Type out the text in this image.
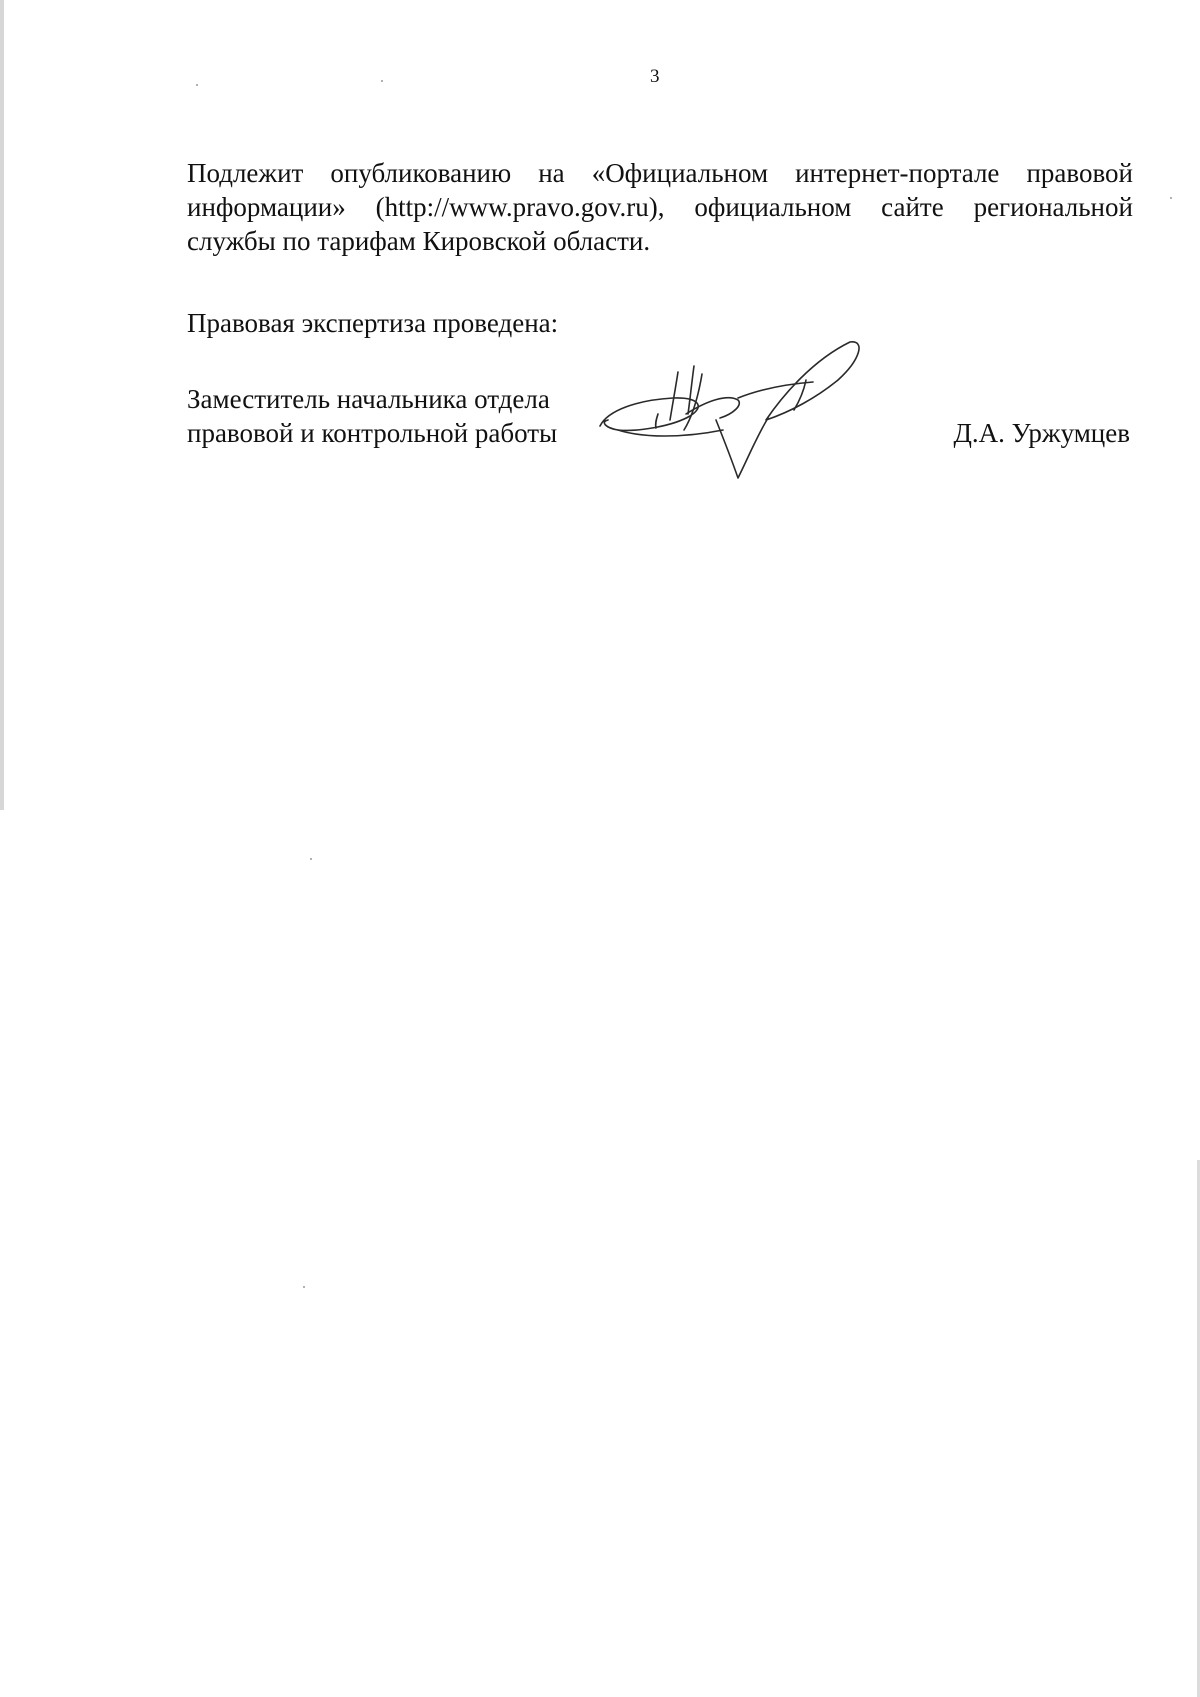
3
Подлежит опубликованию на «Официальном интернет-портале правовой
информации» (http://www.pravo.gov.ru), официальном сайте региональной
службы по тарифам Кировской области.
Правовая экспертиза проведена:
Заместитель начальника отдела
правовой и контрольной работы	Д.А. Уржумцев
